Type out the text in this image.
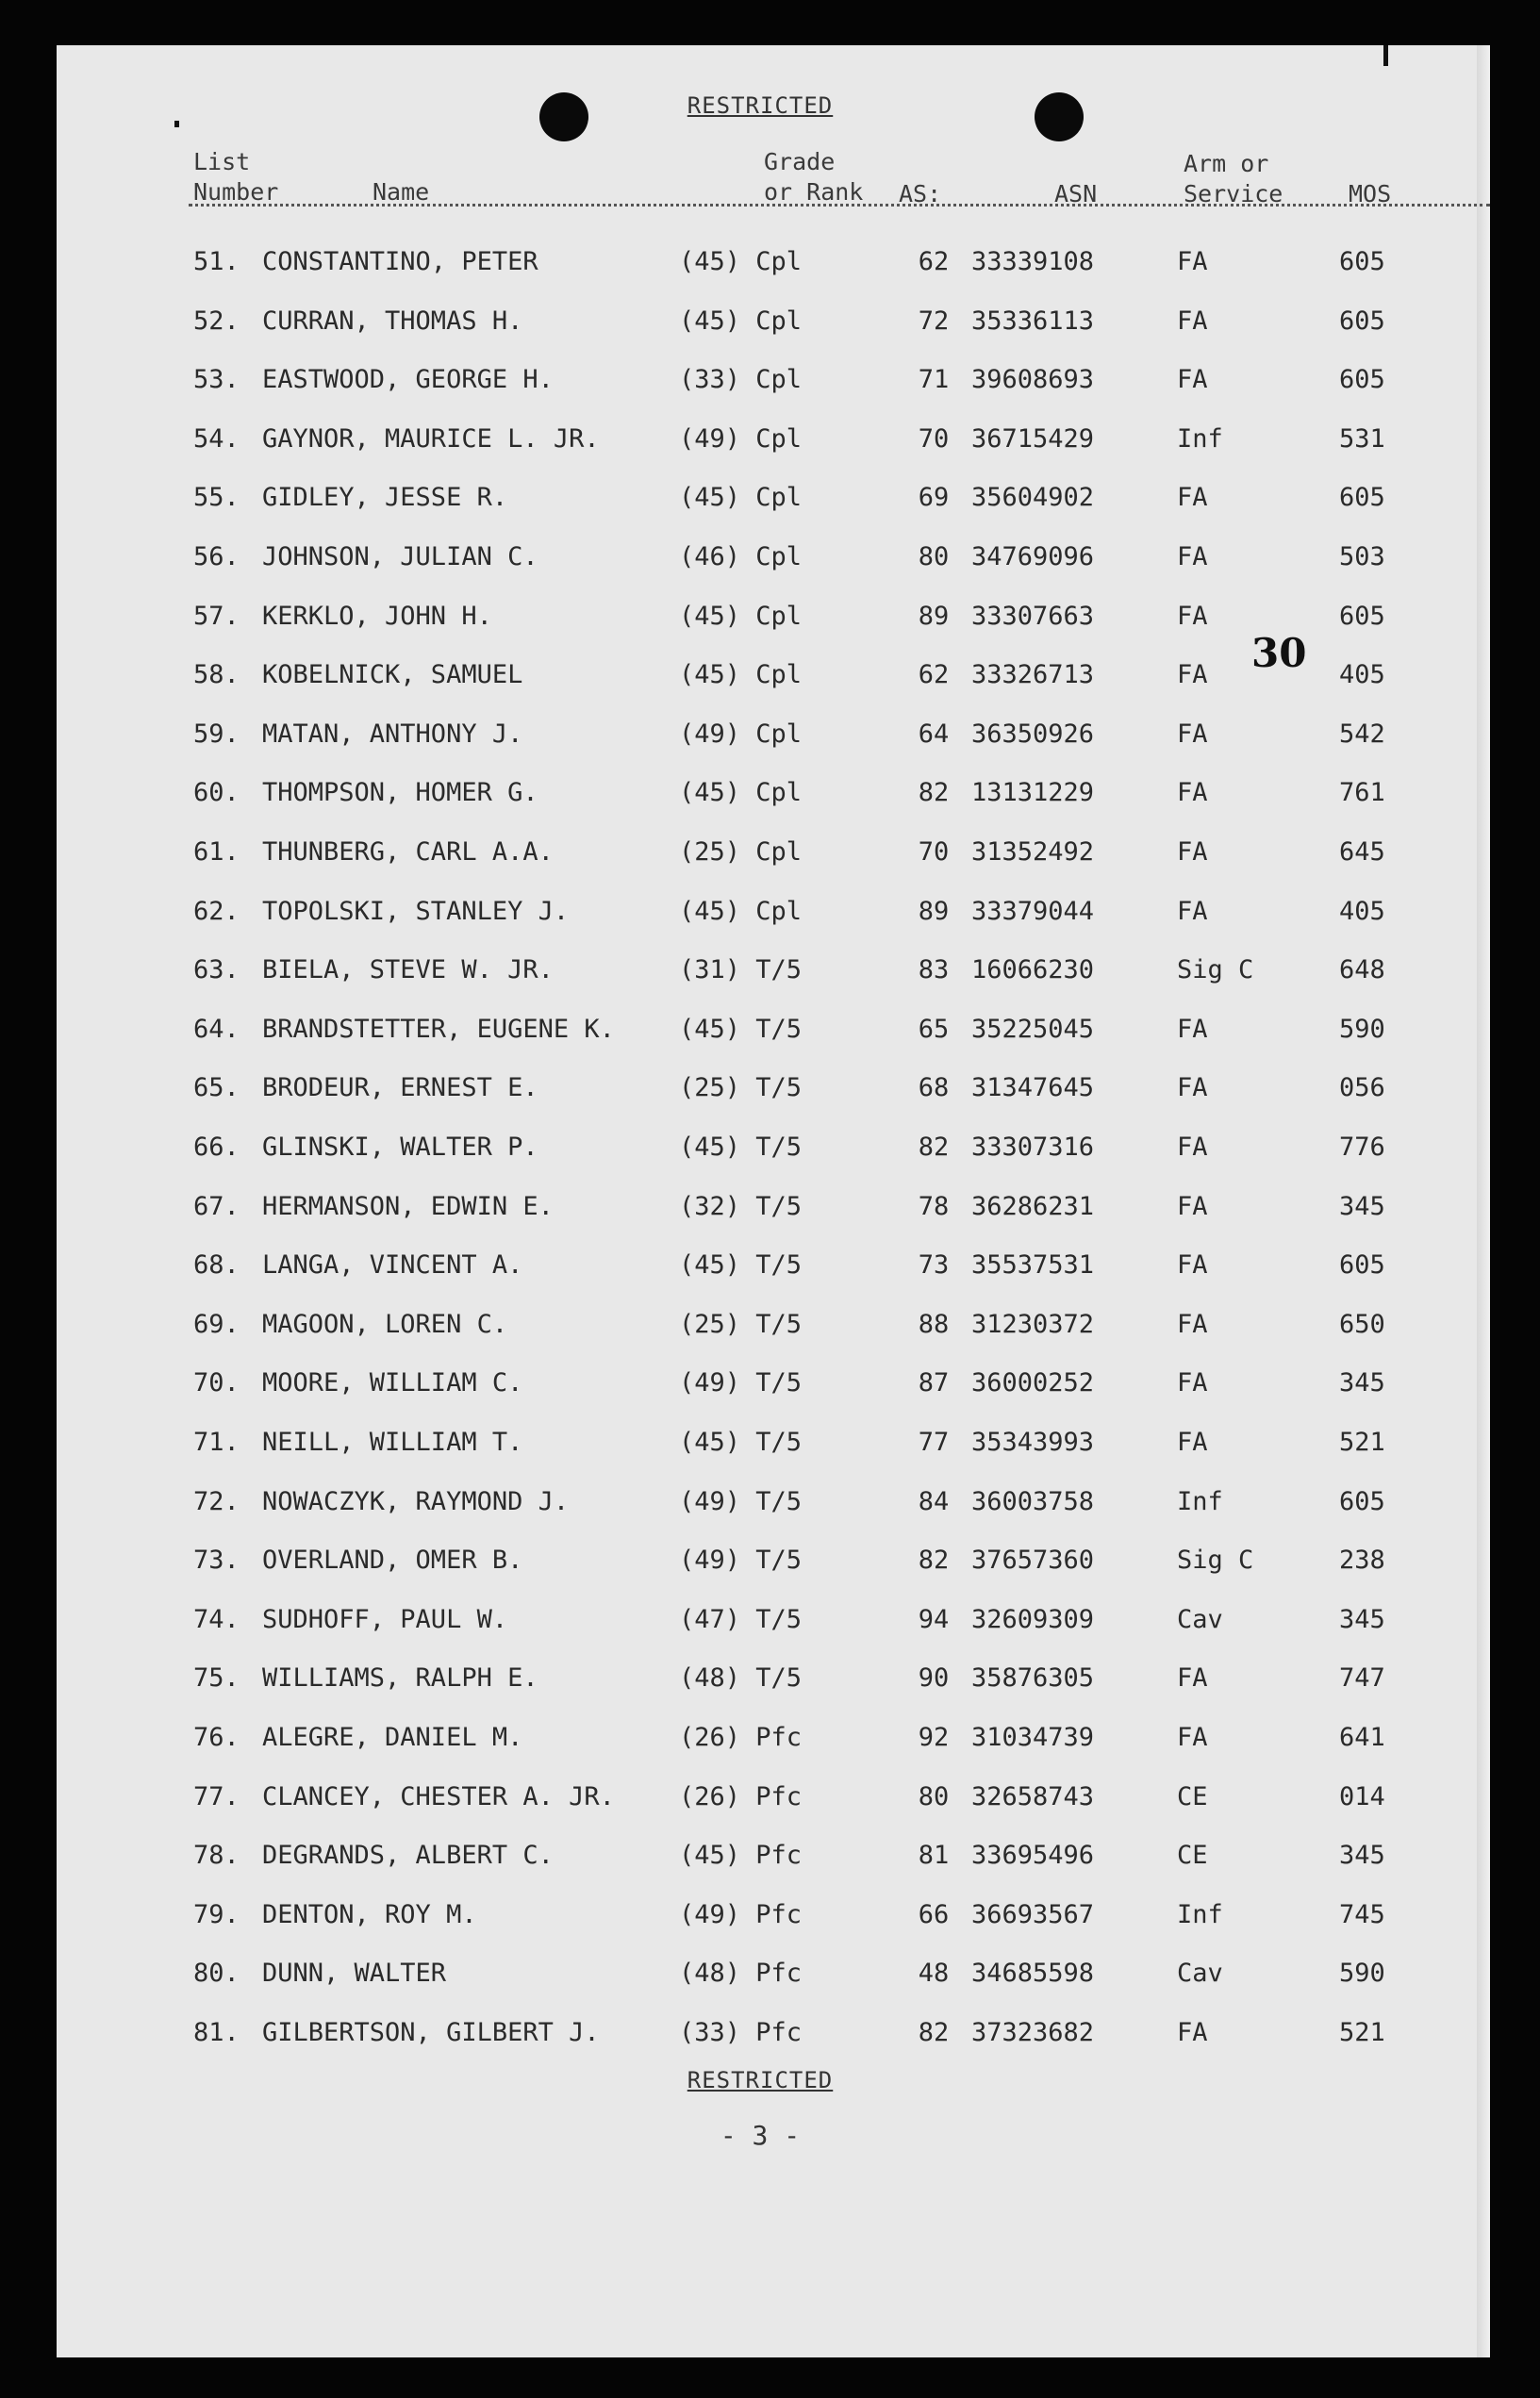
RESTRICTED
List
Number	Name
Grade
or Rank AS:	ASN
Arm or
Service	MOS
51. CONSTANTINO, PETER	(45) Cpl	62 33339108	FA	605
52. CURRAN, THOMAS H.	(45) Cpl	72 35336113	FA	605
53. EASTWOOD, GEORGE H.	(33) Cpl	71 39608693	FA	605
54. GAYNOR, MAURICE L. JR.	(49) Cpl	70 36715429	Inf	531
55. GIDLEY, JESSE R.	(45) Cpl	69 35604902	FA	605
56. JOHNSON, JULIAN C.	(46) Cpl	80 34769096	FA	503
57. KERKLO, JOHN H.	(45) Cpl	89 33307663	FA	605
58. KOBELNICK, SAMUEL	(45) Cpl	62 33326713	FA	405
59. MATAN, ANTHONY J.	(49) Cpl	64 36350926	FA	542
60. THOMPSON, HOMER G.	(45) Cpl	82 13131229	FA	761
61. THUNBERG, CARL A.A.	(25) Cpl	70 31352492	FA	645
62. TOPOLSKI, STANLEY J.	(45) Cpl	89 33379044	FA	405
63. BIELA, STEVE W. JR.	(31) T/5	83 16066230	Sig C	648
64. BRANDSTETTER, EUGENE K.	(45) T/5	65 35225045	FA	590
65. BRODEUR, ERNEST E.	(25) T/5	68 31347645	FA	056
66. GLINSKI, WALTER P.	(45) T/5	82 33307316	FA	776
67. HERMANSON, EDWIN E.	(32) T/5	78 36286231	FA	345
68. LANGA, VINCENT A.	(45) T/5	73 35537531	FA	605
69. MAGOON, LOREN C.	(25) T/5	88 31230372	FA	650
70. MOORE, WILLIAM C.	(49) T/5	87 36000252	FA	345
71. NEILL, WILLIAM T.	(45) T/5	77 35343993	FA	521
72. NOWACZYK, RAYMOND J.	(49) T/5	84 36003758	Inf	605
73. OVERLAND, OMER B.	(49) T/5	82 37657360	Sig C	238
74. SUDHOFF, PAUL W.	(47) T/5	94 32609309	Cav	345
75. WILLIAMS, RALPH E.	(48) T/5	90 35876305	FA	747
76. ALEGRE, DANIEL M.	(26) Pfc	92 31034739	FA	641
77. CLANCEY, CHESTER A. JR.	(26) Pfc	80 32658743	CE	014
78. DEGRANDS, ALBERT C.	(45) Pfc	81 33695496	CE	345
79. DENTON, ROY M.	(49) Pfc	66 36693567	Inf	745
80. DUNN, WALTER	(48) Pfc	48 34685598	Cav	590
81. GILBERTSON, GILBERT J.	(33) Pfc	82 37323682	FA	521
30
RESTRICTED
- 3 -
